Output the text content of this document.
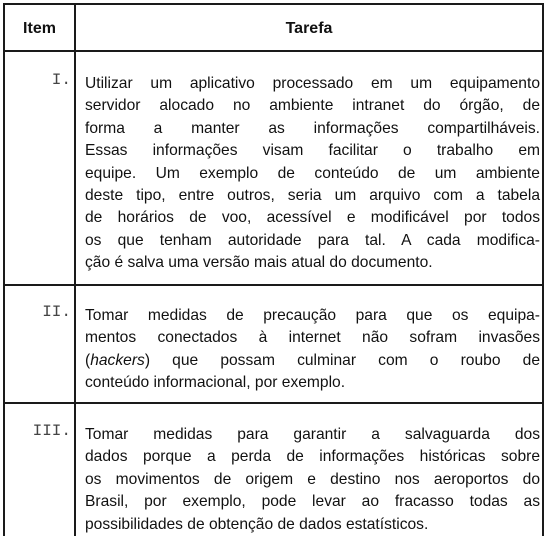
Item	Tarefa
I. Utilizar um aplicativo processado em um equipamento
servidor alocado no ambiente intranet do órgão, de
forma a manter as informações compartilháveis.
Essas informações visam facilitar o trabalho em
equipe. Um exemplo de conteúdo de um ambiente
deste tipo, entre outros, seria um arquivo com a tabela
de horários de voo, acessível e modificável por todos
os que tenham autoridade para tal. A cada modifica-
ção é salva uma versão mais atual do documento.
II. Tomar medidas de precaução para que os equipa-
mentos conectados à internet não sofram invasões
(hackers) que possam culminar com o roubo de
conteúdo informacional, por exemplo.
III. Tomar medidas para garantir a salvaguarda dos
dados porque a perda de informações históricas sobre
os movimentos de origem e destino nos aeroportos do
Brasil, por exemplo, pode levar ao fracasso todas as
possibilidades de obtenção de dados estatísticos.
